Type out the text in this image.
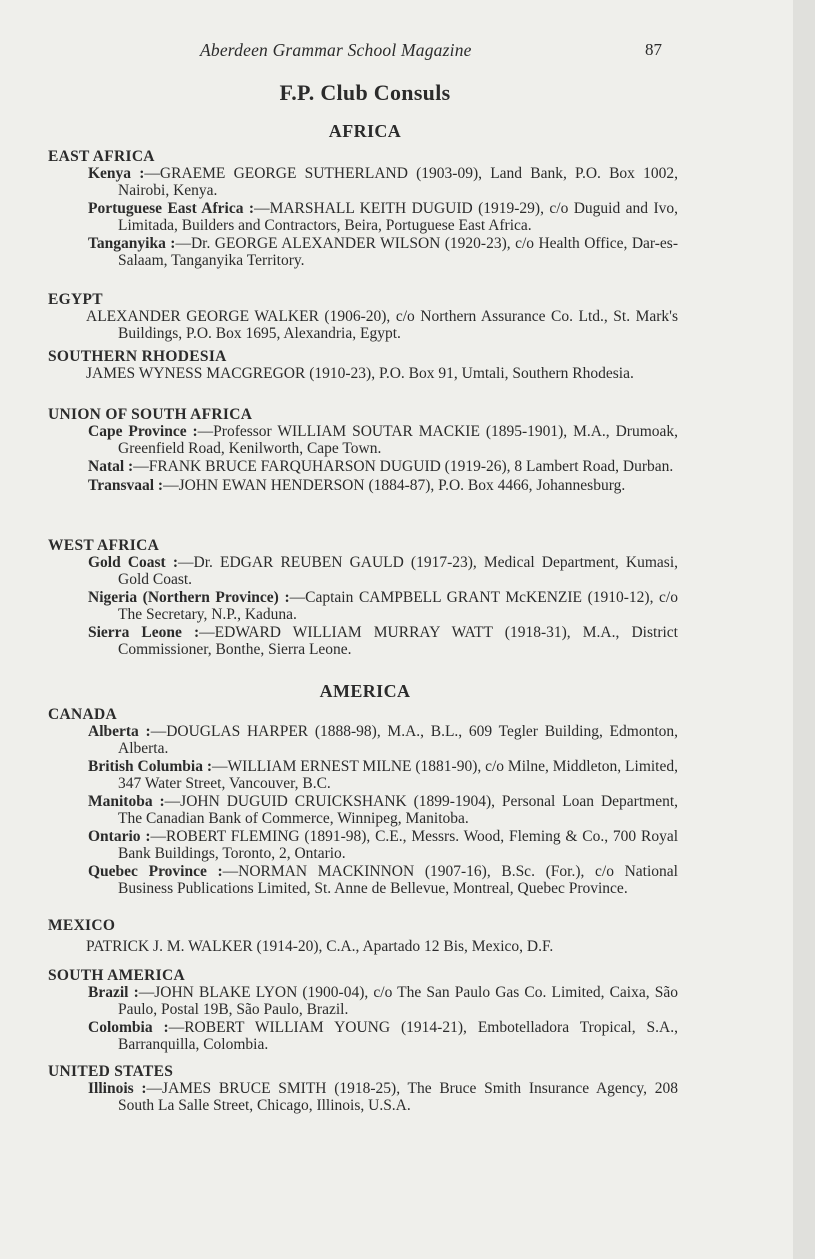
Aberdeen Grammar School Magazine	87
F.P. Club Consuls
AFRICA

EAST AFRICA

Kenya :—GRAEME GEORGE SUTHERLAND (1903-09), Land Bank, P.O. Box 1002, Nairobi, Kenya.

Portuguese East Africa :—MARSHALL KEITH DUGUID (1919-29), c/o Duguid and Ivo, Limitada, Builders and Contractors, Beira, Portuguese East Africa.

Tanganyika :—Dr. GEORGE ALEXANDER WILSON (1920-23), c/o Health Office, Dar-es-Salaam, Tanganyika Territory.

EGYPT

ALEXANDER GEORGE WALKER (1906-20), c/o Northern Assurance Co. Ltd., St. Mark's Buildings, P.O. Box 1695, Alexandria, Egypt.

SOUTHERN RHODESIA

JAMES WYNESS MACGREGOR (1910-23), P.O. Box 91, Umtali, Southern Rhodesia.

UNION OF SOUTH AFRICA

Cape Province :—Professor WILLIAM SOUTAR MACKIE (1895-1901), M.A., Drumoak, Greenfield Road, Kenilworth, Cape Town.

Natal :—FRANK BRUCE FARQUHARSON DUGUID (1919-26), 8 Lambert Road, Durban.

Transvaal :—JOHN EWAN HENDERSON (1884-87), P.O. Box 4466, Johannesburg.

WEST AFRICA

Gold Coast :—Dr. EDGAR REUBEN GAULD (1917-23), Medical Department, Kumasi, Gold Coast.

Nigeria (Northern Province) :—Captain CAMPBELL GRANT McKENZIE (1910-12), c/o The Secretary, N.P., Kaduna.

Sierra Leone :—EDWARD WILLIAM MURRAY WATT (1918-31), M.A., District Commissioner, Bonthe, Sierra Leone.

AMERICA

CANADA

Alberta :—DOUGLAS HARPER (1888-98), M.A., B.L., 609 Tegler Building, Edmonton, Alberta.

British Columbia :—WILLIAM ERNEST MILNE (1881-90), c/o Milne, Middleton, Limited, 347 Water Street, Vancouver, B.C.

Manitoba :—JOHN DUGUID CRUICKSHANK (1899-1904), Personal Loan Department, The Canadian Bank of Commerce, Winnipeg, Manitoba.

Ontario :—ROBERT FLEMING (1891-98), C.E., Messrs. Wood, Fleming & Co., 700 Royal Bank Buildings, Toronto, 2, Ontario.

Quebec Province :—NORMAN MACKINNON (1907-16), B.Sc. (For.), c/o National Business Publications Limited, St. Anne de Bellevue, Montreal, Quebec Province.

MEXICO

PATRICK J. M. WALKER (1914-20), C.A., Apartado 12 Bis, Mexico, D.F.

SOUTH AMERICA

Brazil :—JOHN BLAKE LYON (1900-04), c/o The San Paulo Gas Co. Limited, Caixa, São Paulo, Postal 19B, São Paulo, Brazil.

Colombia :—ROBERT WILLIAM YOUNG (1914-21), Embotelladora Tropical, S.A., Barranquilla, Colombia.

UNITED STATES

Illinois :—JAMES BRUCE SMITH (1918-25), The Bruce Smith Insurance Agency, 208 South La Salle Street, Chicago, Illinois, U.S.A.
